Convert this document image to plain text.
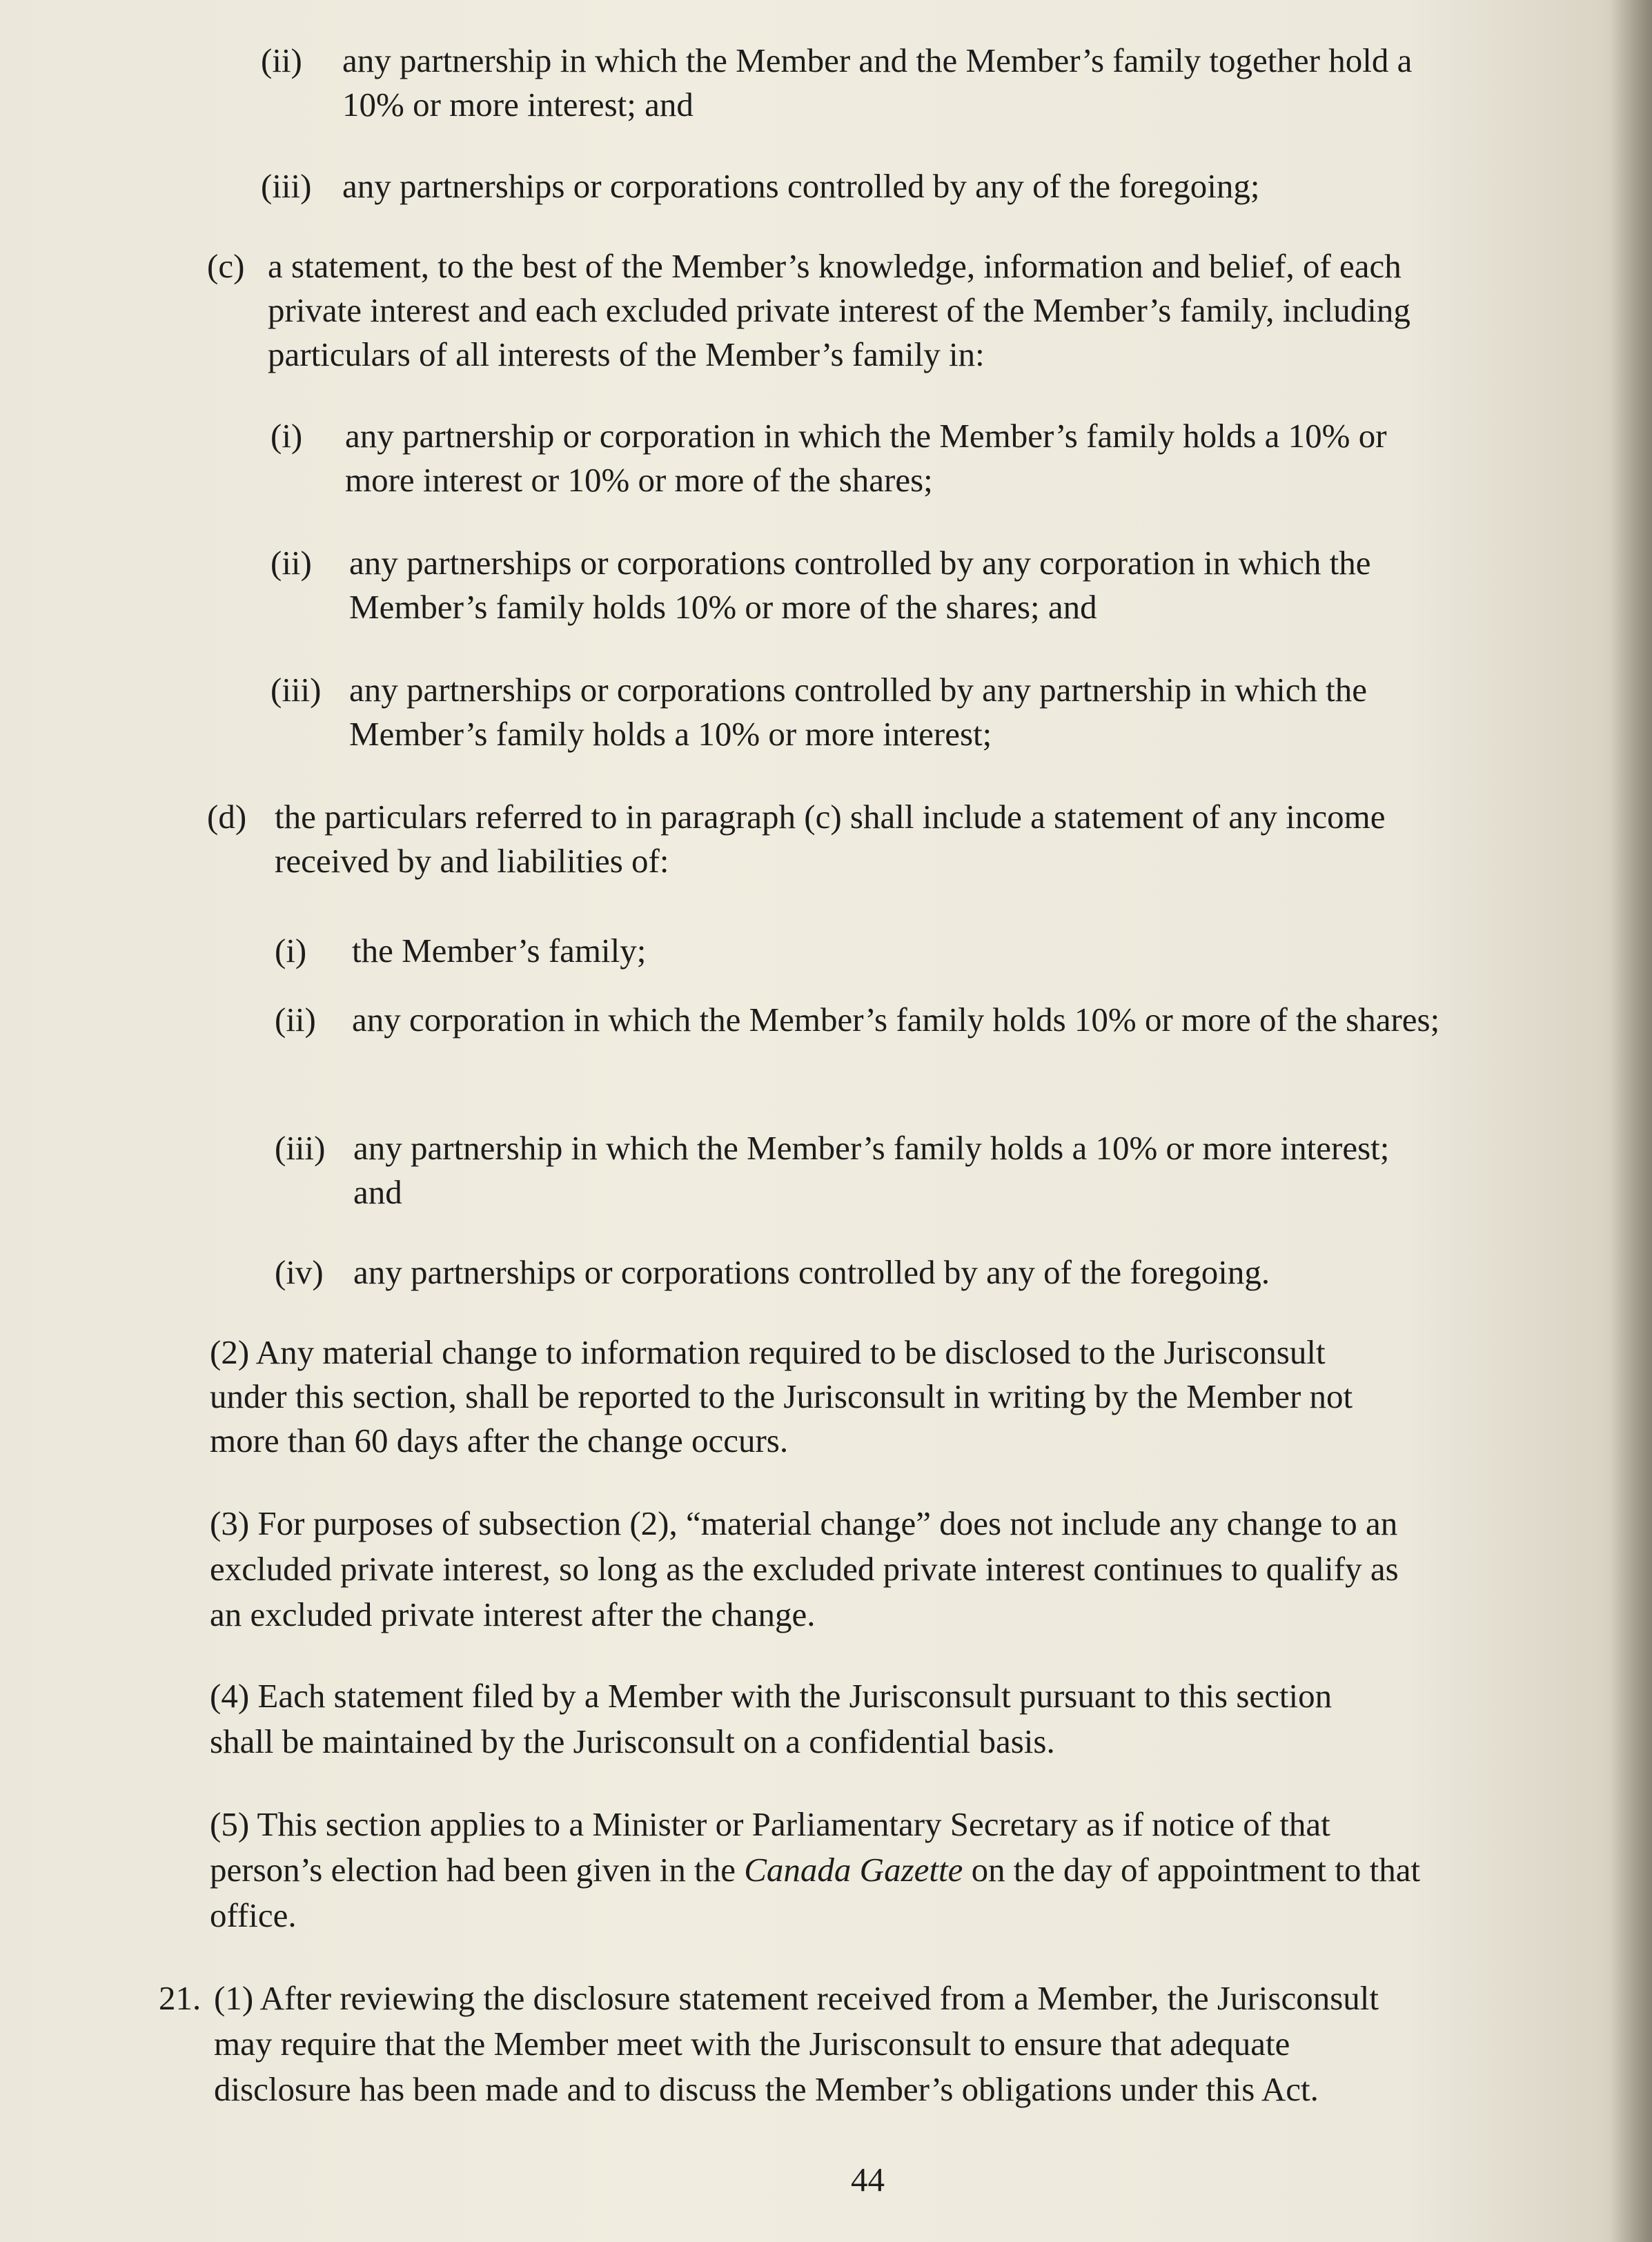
(ii) any partnership in which the Member and the Member’s family together hold a
10% or more interest; and
(iii) any partnerships or corporations controlled by any of the foregoing;
(c) a statement, to the best of the Member’s knowledge, information and belief, of each
private interest and each excluded private interest of the Member’s family, including
particulars of all interests of the Member’s family in:
(i) any partnership or corporation in which the Member’s family holds a 10% or
more interest or 10% or more of the shares;
(ii) any partnerships or corporations controlled by any corporation in which the
Member’s family holds 10% or more of the shares; and
(iii) any partnerships or corporations controlled by any partnership in which the
Member’s family holds a 10% or more interest;
(d) the particulars referred to in paragraph (c) shall include a statement of any income
received by and liabilities of:
(i) the Member’s family;
(ii) any corporation in which the Member’s family holds 10% or more of the shares;
(iii) any partnership in which the Member’s family holds a 10% or more interest;
and
(iv) any partnerships or corporations controlled by any of the foregoing.
(2) Any material change to information required to be disclosed to the Jurisconsult
under this section, shall be reported to the Jurisconsult in writing by the Member not
more than 60 days after the change occurs.
(3) For purposes of subsection (2), “material change” does not include any change to an
excluded private interest, so long as the excluded private interest continues to qualify as
an excluded private interest after the change.
(4) Each statement filed by a Member with the Jurisconsult pursuant to this section
shall be maintained by the Jurisconsult on a confidential basis.
(5) This section applies to a Minister or Parliamentary Secretary as if notice of that
person’s election had been given in the Canada Gazette on the day of appointment to that
office.
21. (1) After reviewing the disclosure statement received from a Member, the Jurisconsult
may require that the Member meet with the Jurisconsult to ensure that adequate
disclosure has been made and to discuss the Member’s obligations under this Act.
44
